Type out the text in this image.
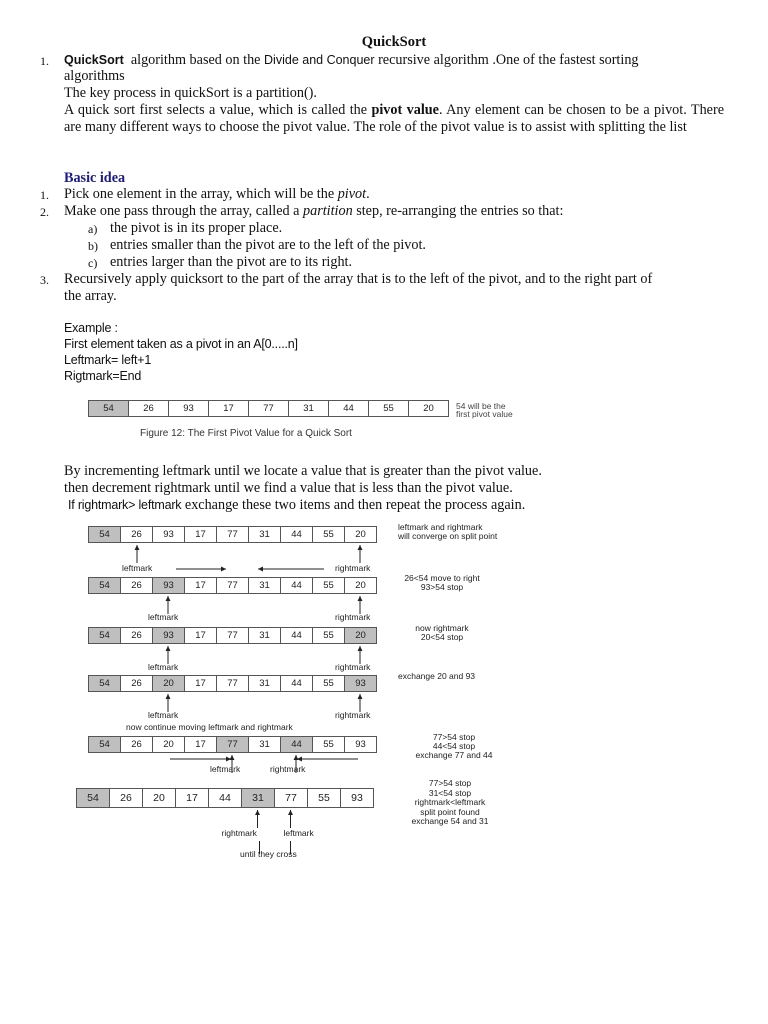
QuickSort
1. QuickSort algorithm based on the Divide and Conquer recursive algorithm .One of the fastest sorting
algorithms
The key process in quickSort is a partition().
A quick sort first selects a value, which is called the pivot value. Any element can be chosen to be a pivot. There are many different ways to choose the pivot value. The role of the pivot value is to assist with splitting the list
Basic idea
1. Pick one element in the array, which will be the pivot.
2. Make one pass through the array, called a partition step, re-arranging the entries so that:
a) the pivot is in its proper place.
b) entries smaller than the pivot are to the left of the pivot.
c) entries larger than the pivot are to its right.
3. Recursively apply quicksort to the part of the array that is to the left of the pivot, and to the right part of
the array.
Example :
First element taken as a pivot in an A[0.....n]
Leftmark= left+1
Rigtmark=End
54	26	93	17	77	31	44	55	20	54 will be the
first pivot value
Figure 12: The First Pivot Value for a Quick Sort
By incrementing leftmark until we locate a value that is greater than the pivot value.
then decrement rightmark until we find a value that is less than the pivot value.
If rightmark> leftmark exchange these two items and then repeat the process again.
54	26	93	17	77	31	44	55	20
leftmark and rightmark
will converge on split point
leftmark	rightmark
54	26	93	17	77	31	44	55	20
26<54 move to right
93>54 stop
leftmark	rightmark
54	26	93	17	77	31	44	55	20
now rightmark
20<54 stop
leftmark	rightmark
54	26	20	17	77	31	44	55	93
exchange 20 and 93
leftmark	rightmark
54	26	20	17	77	31	44	55	93
77>54 stop
44<54 stop
exchange 77 and 44
leftmark	rightmark
now continue moving leftmark and rightmark
54	26	20	17	44	31	77	55	93
77>54 stop
31<54 stop
rightmark<leftmark
split point found
exchange 54 and 31
rightmark	leftmark
until they cross
